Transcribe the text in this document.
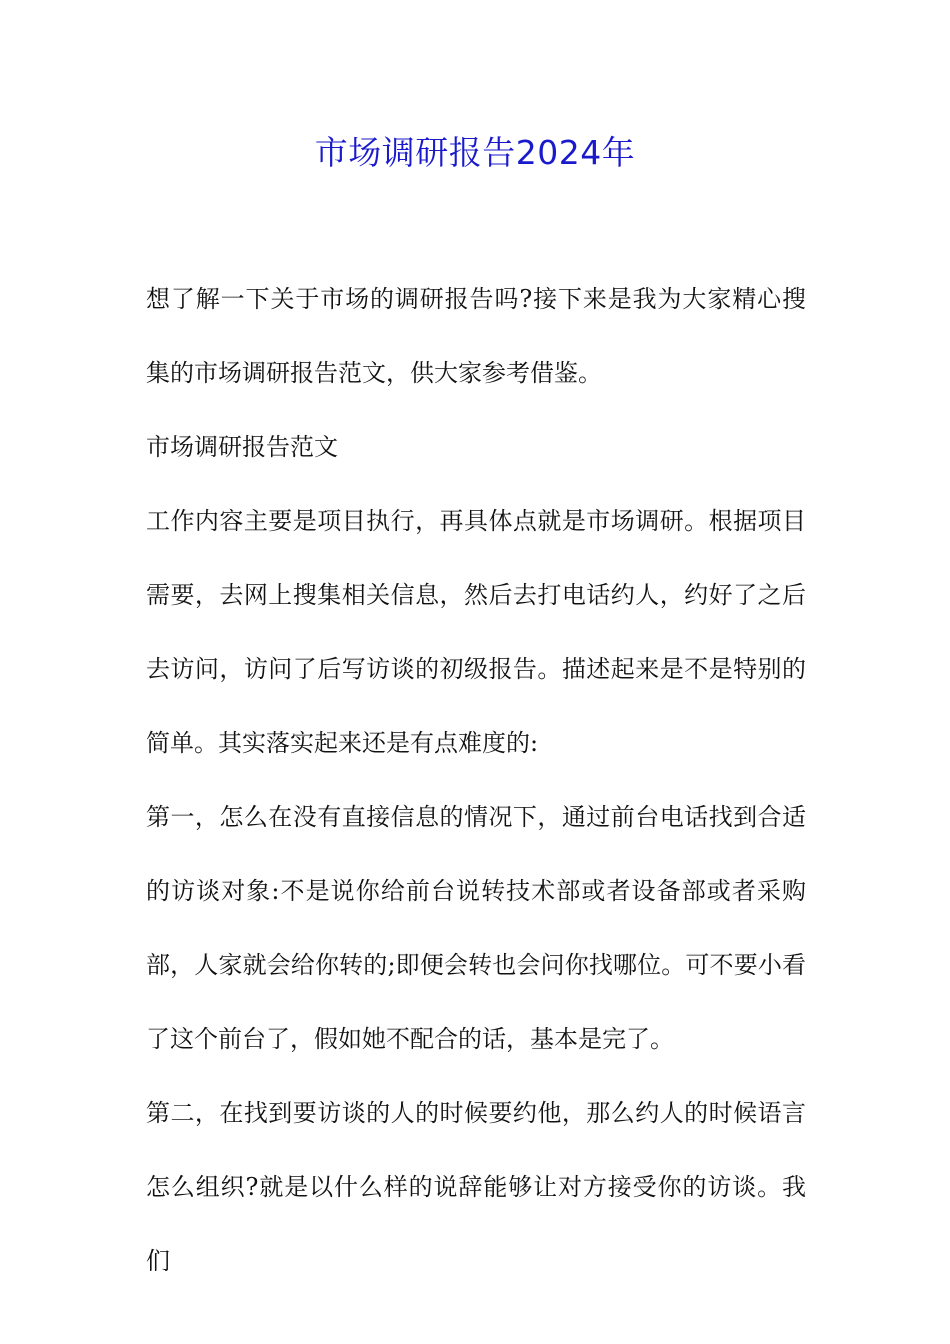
市场调研报告2024年

想了解一下关于市场的调研报告吗?接下来是我为大家精心搜集的市场调研报告范文，供大家参考借鉴。

市场调研报告范文

工作内容主要是项目执行，再具体点就是市场调研。根据项目需要，去网上搜集相关信息，然后去打电话约人，约好了之后去访问，访问了后写访谈的初级报告。描述起来是不是特别的简单。其实落实起来还是有点难度的:

第一，怎么在没有直接信息的情况下，通过前台电话找到合适的访谈对象:不是说你给前台说转技术部或者设备部或者采购部，人家就会给你转的;即便会转也会问你找哪位。可不要小看了这个前台了，假如她不配合的话，基本是完了。

第二，在找到要访谈的人的时候要约他，那么约人的时候语言怎么组织?就是以什么样的说辞能够让对方接受你的访谈。我们
